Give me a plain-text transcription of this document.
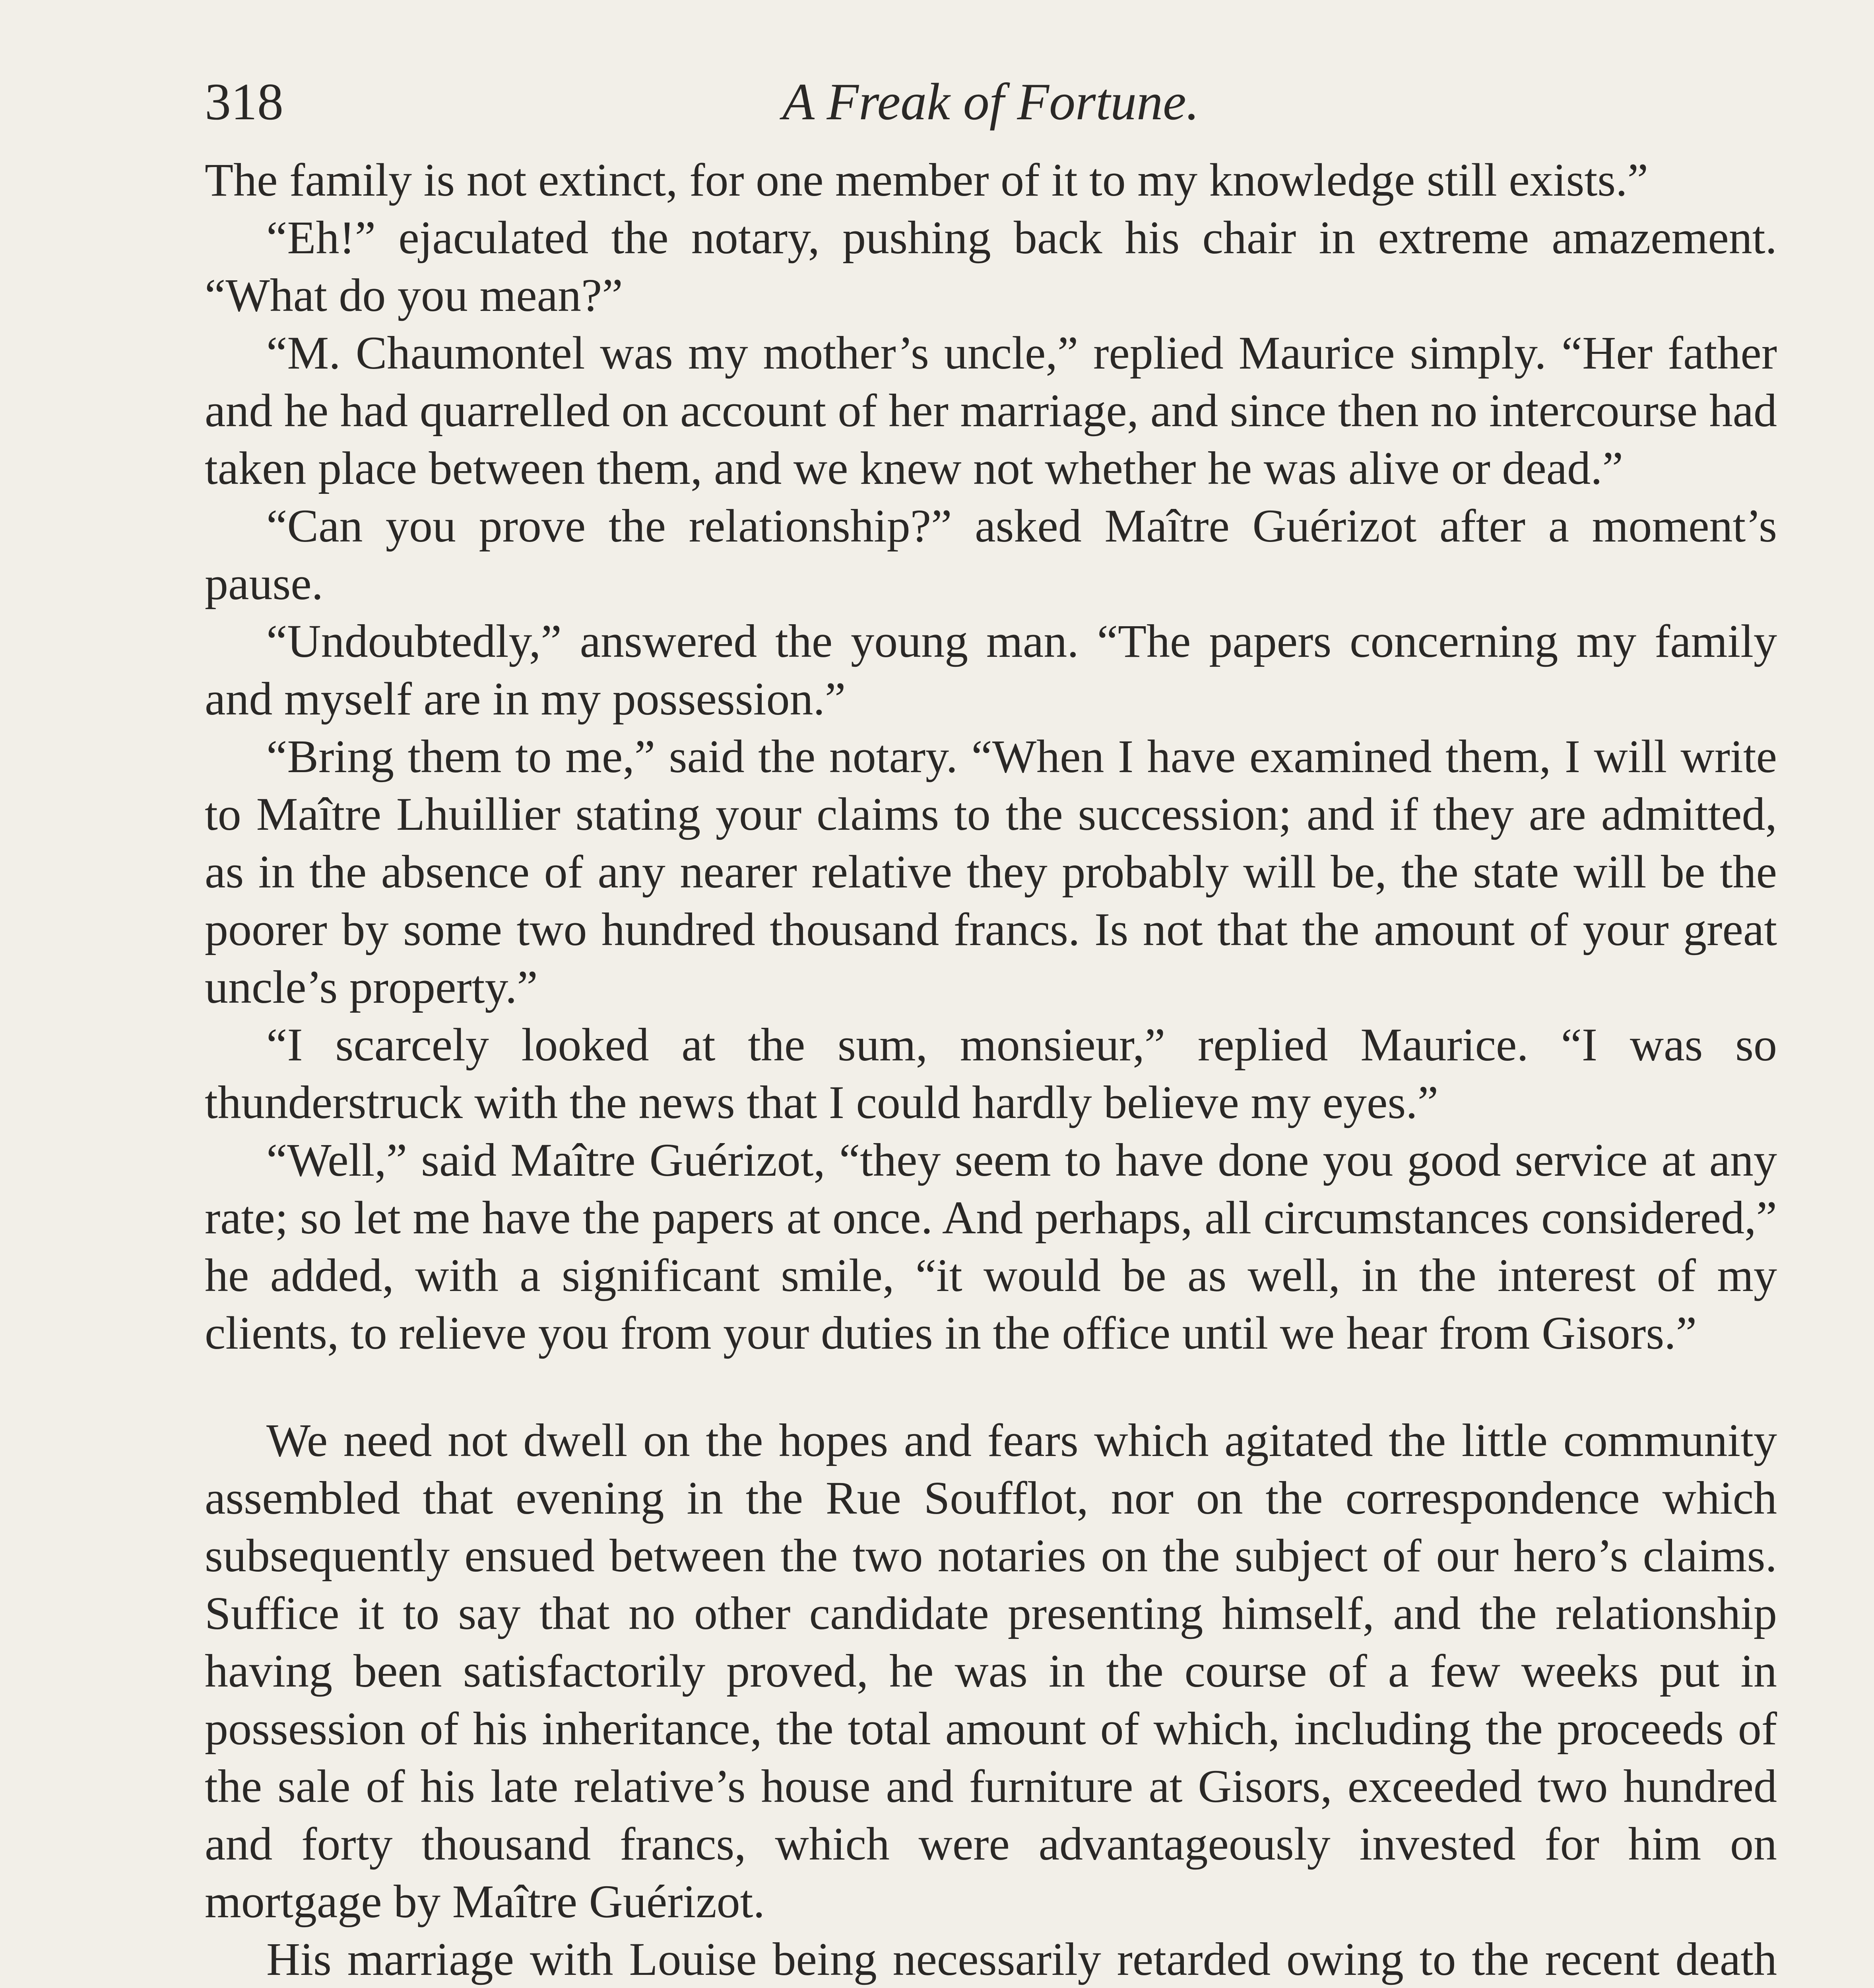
318	A Freak of Fortune.

The family is not extinct, for one member of it to my knowledge still exists.”

“Eh!” ejaculated the notary, pushing back his chair in extreme amazement. “What do you mean?”

“M. Chaumontel was my mother’s uncle,” replied Maurice simply. “Her father and he had quarrelled on account of her marriage, and since then no intercourse had taken place between them, and we knew not whether he was alive or dead.”

“Can you prove the relationship?” asked Maître Guérizot after a moment’s pause.

“Undoubtedly,” answered the young man. “The papers concerning my family and myself are in my possession.”

“Bring them to me,” said the notary. “When I have examined them, I will write to Maître Lhuillier stating your claims to the succession; and if they are admitted, as in the absence of any nearer relative they probably will be, the state will be the poorer by some two hundred thousand francs. Is not that the amount of your great uncle’s property.”

“I scarcely looked at the sum, monsieur,” replied Maurice. “I was so thunderstruck with the news that I could hardly believe my eyes.”

“Well,” said Maître Guérizot, “they seem to have done you good service at any rate; so let me have the papers at once. And perhaps, all circumstances considered,” he added, with a significant smile, “it would be as well, in the interest of my clients, to relieve you from your duties in the office until we hear from Gisors.”

We need not dwell on the hopes and fears which agitated the little community assembled that evening in the Rue Soufflot, nor on the correspondence which subsequently ensued between the two notaries on the subject of our hero’s claims. Suffice it to say that no other candidate presenting himself, and the relationship having been satisfactorily proved, he was in the course of a few weeks put in possession of his inheritance, the total amount of which, including the proceeds of the sale of his late relative’s house and furniture at Gisors, exceeded two hundred and forty thousand francs, which were advantageously invested for him on mortgage by Maître Guérizot.

His marriage with Louise being necessarily retarded owing to the recent death
